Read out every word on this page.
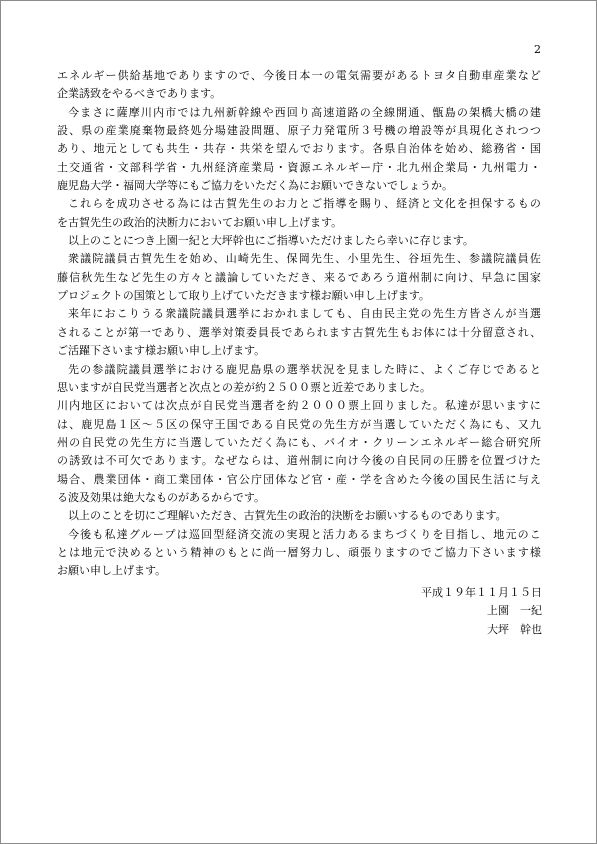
2
エネルギー供給基地でありますので、今後日本一の電気需要があるトヨタ自動車産業など
企業誘致をやるべきであります。
今まさに薩摩川内市では九州新幹線や西回り高速道路の全線開通、甑島の架橋大橋の建
設、県の産業廃棄物最終処分場建設問題、原子力発電所３号機の増設等が具現化されつつ
あり、地元としても共生・共存・共栄を望んでおります。各県自治体を始め、総務省・国
土交通省・文部科学省・九州経済産業局・資源エネルギー庁・北九州企業局・九州電力・
鹿児島大学・福岡大学等にもご協力をいただく為にお願いできないでしょうか。
これらを成功させる為には古賀先生のお力とご指導を賜り、経済と文化を担保するもの
を古賀先生の政治的決断力においてお願い申し上げます。
以上のことにつき上園一紀と大坪幹也にご指導いただけましたら幸いに存じます。
衆議院議員古賀先生を始め、山崎先生、保岡先生、小里先生、谷垣先生、参議院議員佐
藤信秋先生など先生の方々と議論していただき、来るであろう道州制に向け、早急に国家
プロジェクトの国策として取り上げていただきます様お願い申し上げます。
来年におこりうる衆議院議員選挙におかれましても、自由民主党の先生方皆さんが当選
されることが第一であり、選挙対策委員長であられます古賀先生もお体には十分留意され、
ご活躍下さいます様お願い申し上げます。
先の参議院議員選挙における鹿児島県の選挙状況を見ました時に、よくご存じであると
思いますが自民党当選者と次点との差が約２５００票と近差でありました。
川内地区においては次点が自民党当選者を約２０００票上回りました。私達が思いますに
は、鹿児島１区～５区の保守王国である自民党の先生方が当選していただく為にも、又九
州の自民党の先生方に当選していただく為にも、バイオ・クリーンエネルギー総合研究所
の誘致は不可欠であります。なぜならは、道州制に向け今後の自民同の圧勝を位置づけた
場合、農業団体・商工業団体・官公庁団体など官・産・学を含めた今後の国民生活に与え
る波及効果は絶大なものがあるからです。
以上のことを切にご理解いただき、古賀先生の政治的決断をお願いするものであります。
今後も私達グループは巡回型経済交流の実現と活力あるまちづくりを目指し、地元のこ
とは地元で決めるという精神のもとに尚一層努力し、頑張りますのでご協力下さいます様
お願い申し上げます。
平成１９年１１月１５日
上園　一紀
大坪　幹也
